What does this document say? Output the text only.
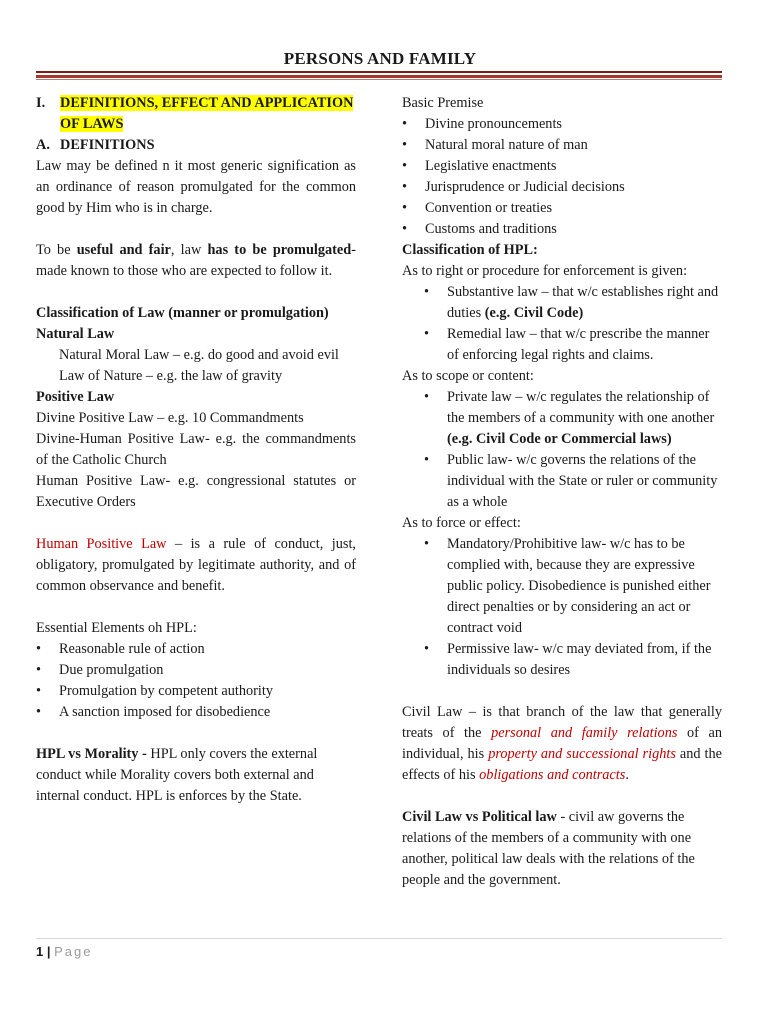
PERSONS AND FAMILY
I.	DEFINITIONS, EFFECT AND APPLICATION OF LAWS
A. DEFINITIONS

Law may be defined n it most generic signification as an ordinance of reason promulgated for the common good by Him who is in charge.

To be useful and fair, law has to be promulgated- made known to those who are expected to follow it.

Classification of Law (manner or promulgation)

Natural Law

Natural Moral Law – e.g. do good and avoid evil

Law of Nature – e.g. the law of gravity

Positive Law

Divine Positive Law – e.g. 10 Commandments

Divine-Human Positive Law- e.g. the commandments of the Catholic Church

Human Positive Law- e.g. congressional statutes or Executive Orders

Human Positive Law – is a rule of conduct, just, obligatory, promulgated by legitimate authority, and of common observance and benefit.

Essential Elements oh HPL:

• Reasonable rule of action
• Due promulgation
• Promulgation by competent authority
• A sanction imposed for disobedience

HPL vs Morality - HPL only covers the external conduct while Morality covers both external and internal conduct. HPL is enforces by the State.

Basic Premise

• Divine pronouncements
• Natural moral nature of man
• Legislative enactments
• Jurisprudence or Judicial decisions
• Convention or treaties
• Customs and traditions

Classification of HPL:

As to right or procedure for enforcement is given:

• Substantive law – that w/c establishes right and duties (e.g. Civil Code)
• Remedial law – that w/c prescribe the manner of enforcing legal rights and claims.

As to scope or content:

• Private law – w/c regulates the relationship of the members of a community with one another (e.g. Civil Code or Commercial laws)
• Public law- w/c governs the relations of the individual with the State or ruler or community as a whole

As to force or effect:

• Mandatory/Prohibitive law- w/c has to be complied with, because they are expressive public policy. Disobedience is punished either direct penalties or by considering an act or contract void
• Permissive law- w/c may deviated from, if the individuals so desires

Civil Law – is that branch of the law that generally treats of the personal and family relations of an individual, his property and successional rights and the effects of his obligations and contracts.

Civil Law vs Political law - civil aw governs the relations of the members of a community with one another, political law deals with the relations of the people and the government.

1 | Page
